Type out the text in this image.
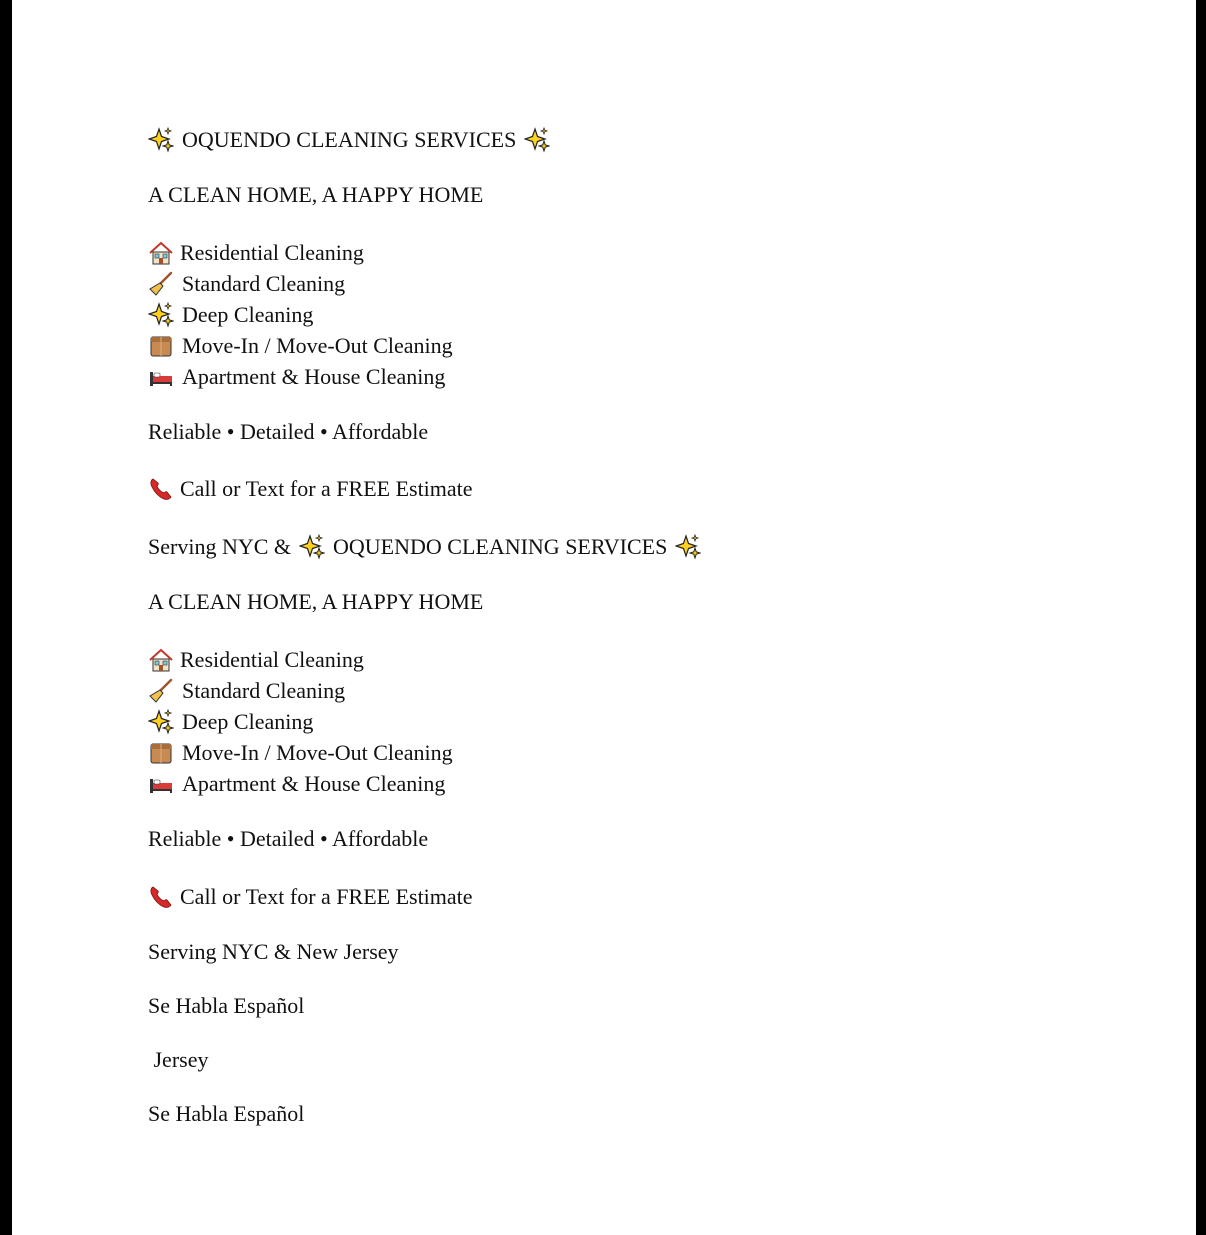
OQUENDO CLEANING SERVICES
A CLEAN HOME, A HAPPY HOME
Residential Cleaning
Standard Cleaning
Deep Cleaning
Move-In / Move-Out Cleaning
Apartment & House Cleaning
Reliable • Detailed • Affordable
Call or Text for a FREE Estimate
Serving NYC & OQUENDO CLEANING SERVICES
A CLEAN HOME, A HAPPY HOME
Residential Cleaning
Standard Cleaning
Deep Cleaning
Move-In / Move-Out Cleaning
Apartment & House Cleaning
Reliable • Detailed • Affordable
Call or Text for a FREE Estimate
Serving NYC & New Jersey
Se Habla Español
Jersey
Se Habla Español
